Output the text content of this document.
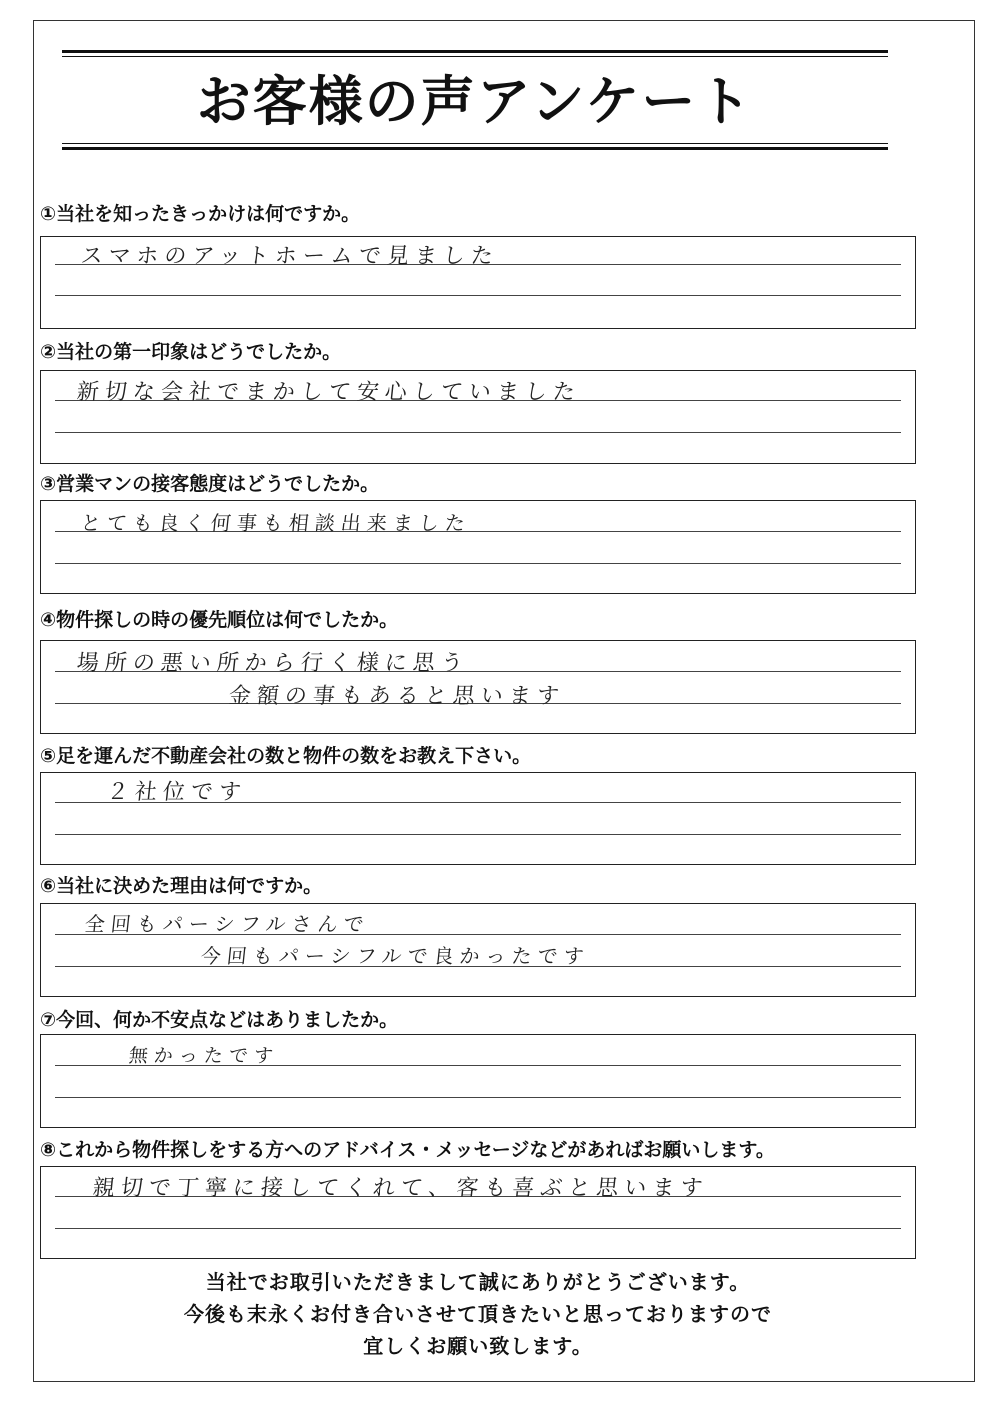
お客様の声アンケート
①当社を知ったきっかけは何ですか。
スマホのアットホームで見ました
②当社の第一印象はどうでしたか。
新切な会社でまかして安心していました
③営業マンの接客態度はどうでしたか。
とても良く何事も相談出来ました
④物件探しの時の優先順位は何でしたか。
場所の悪い所から行く様に思う
金額の事もあると思います
⑤足を運んだ不動産会社の数と物件の数をお教え下さい。
２社位です
⑥当社に決めた理由は何ですか。
全回もパーシフルさんで
今回もパーシフルで良かったです
⑦今回、何か不安点などはありましたか。
無かったです
⑧これから物件探しをする方へのアドバイス・メッセージなどがあればお願いします。
親切で丁寧に接してくれて、客も喜ぶと思います
当社でお取引いただきまして誠にありがとうございます。
今後も末永くお付き合いさせて頂きたいと思っておりますので
宜しくお願い致します。
